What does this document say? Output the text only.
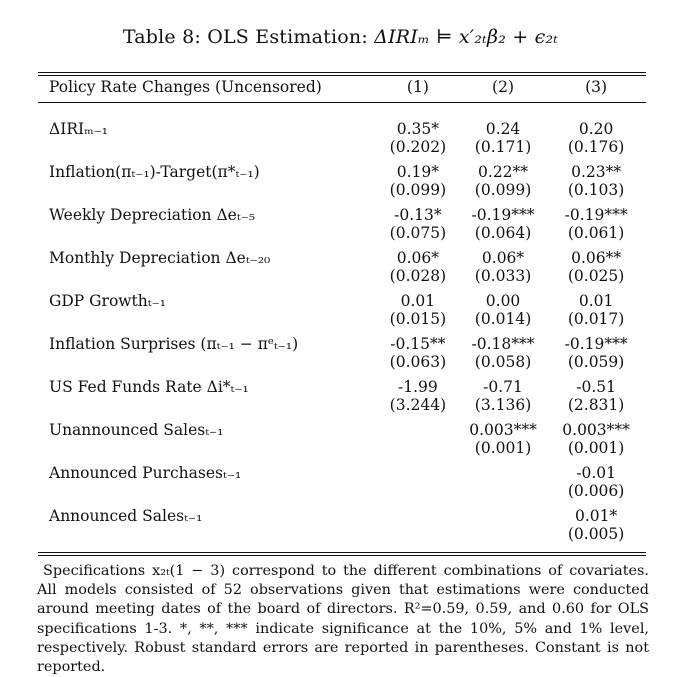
Table 8: OLS Estimation: ΔIRIₘ ⊨ x′₂ₜβ₂ + ϵ₂ₜ
Policy Rate Changes (Uncensored)	(1)	(2)	(3)

ΔIRIₘ₋₁	0.35*	0.24	0.20
	(0.202)	(0.171)	(0.176)
Inflation(πₜ₋₁)-Target(π*ₜ₋₁)	0.19*	0.22**	0.23**
	(0.099)	(0.099)	(0.103)
Weekly Depreciation Δeₜ₋₅	-0.13*	-0.19***	-0.19***
	(0.075)	(0.064)	(0.061)
Monthly Depreciation Δeₜ₋₂₀	0.06*	0.06*	0.06**
	(0.028)	(0.033)	(0.025)
GDP Growthₜ₋₁	0.01	0.00	0.01
	(0.015)	(0.014)	(0.017)
Inflation Surprises (πₜ₋₁ − πᵉₜ₋₁)	-0.15**	-0.18***	-0.19***
	(0.063)	(0.058)	(0.059)
US Fed Funds Rate Δi*ₜ₋₁	-1.99	-0.71	-0.51
	(3.244)	(3.136)	(2.831)
Unannounced Salesₜ₋₁		0.003***	0.003***
		(0.001)	(0.001)
Announced Purchasesₜ₋₁			-0.01
			(0.006)
Announced Salesₜ₋₁			0.01*
			(0.005)
Specifications x₂ₜ(1 − 3) correspond to the different combinations of covariates. All models consisted of 52 observations given that estimations were conducted around meeting dates of the board of directors. R²=0.59, 0.59, and 0.60 for OLS specifications 1-3. *, **, *** indicate significance at the 10%, 5% and 1% level, respectively. Robust standard errors are reported in parentheses. Constant is not reported.
